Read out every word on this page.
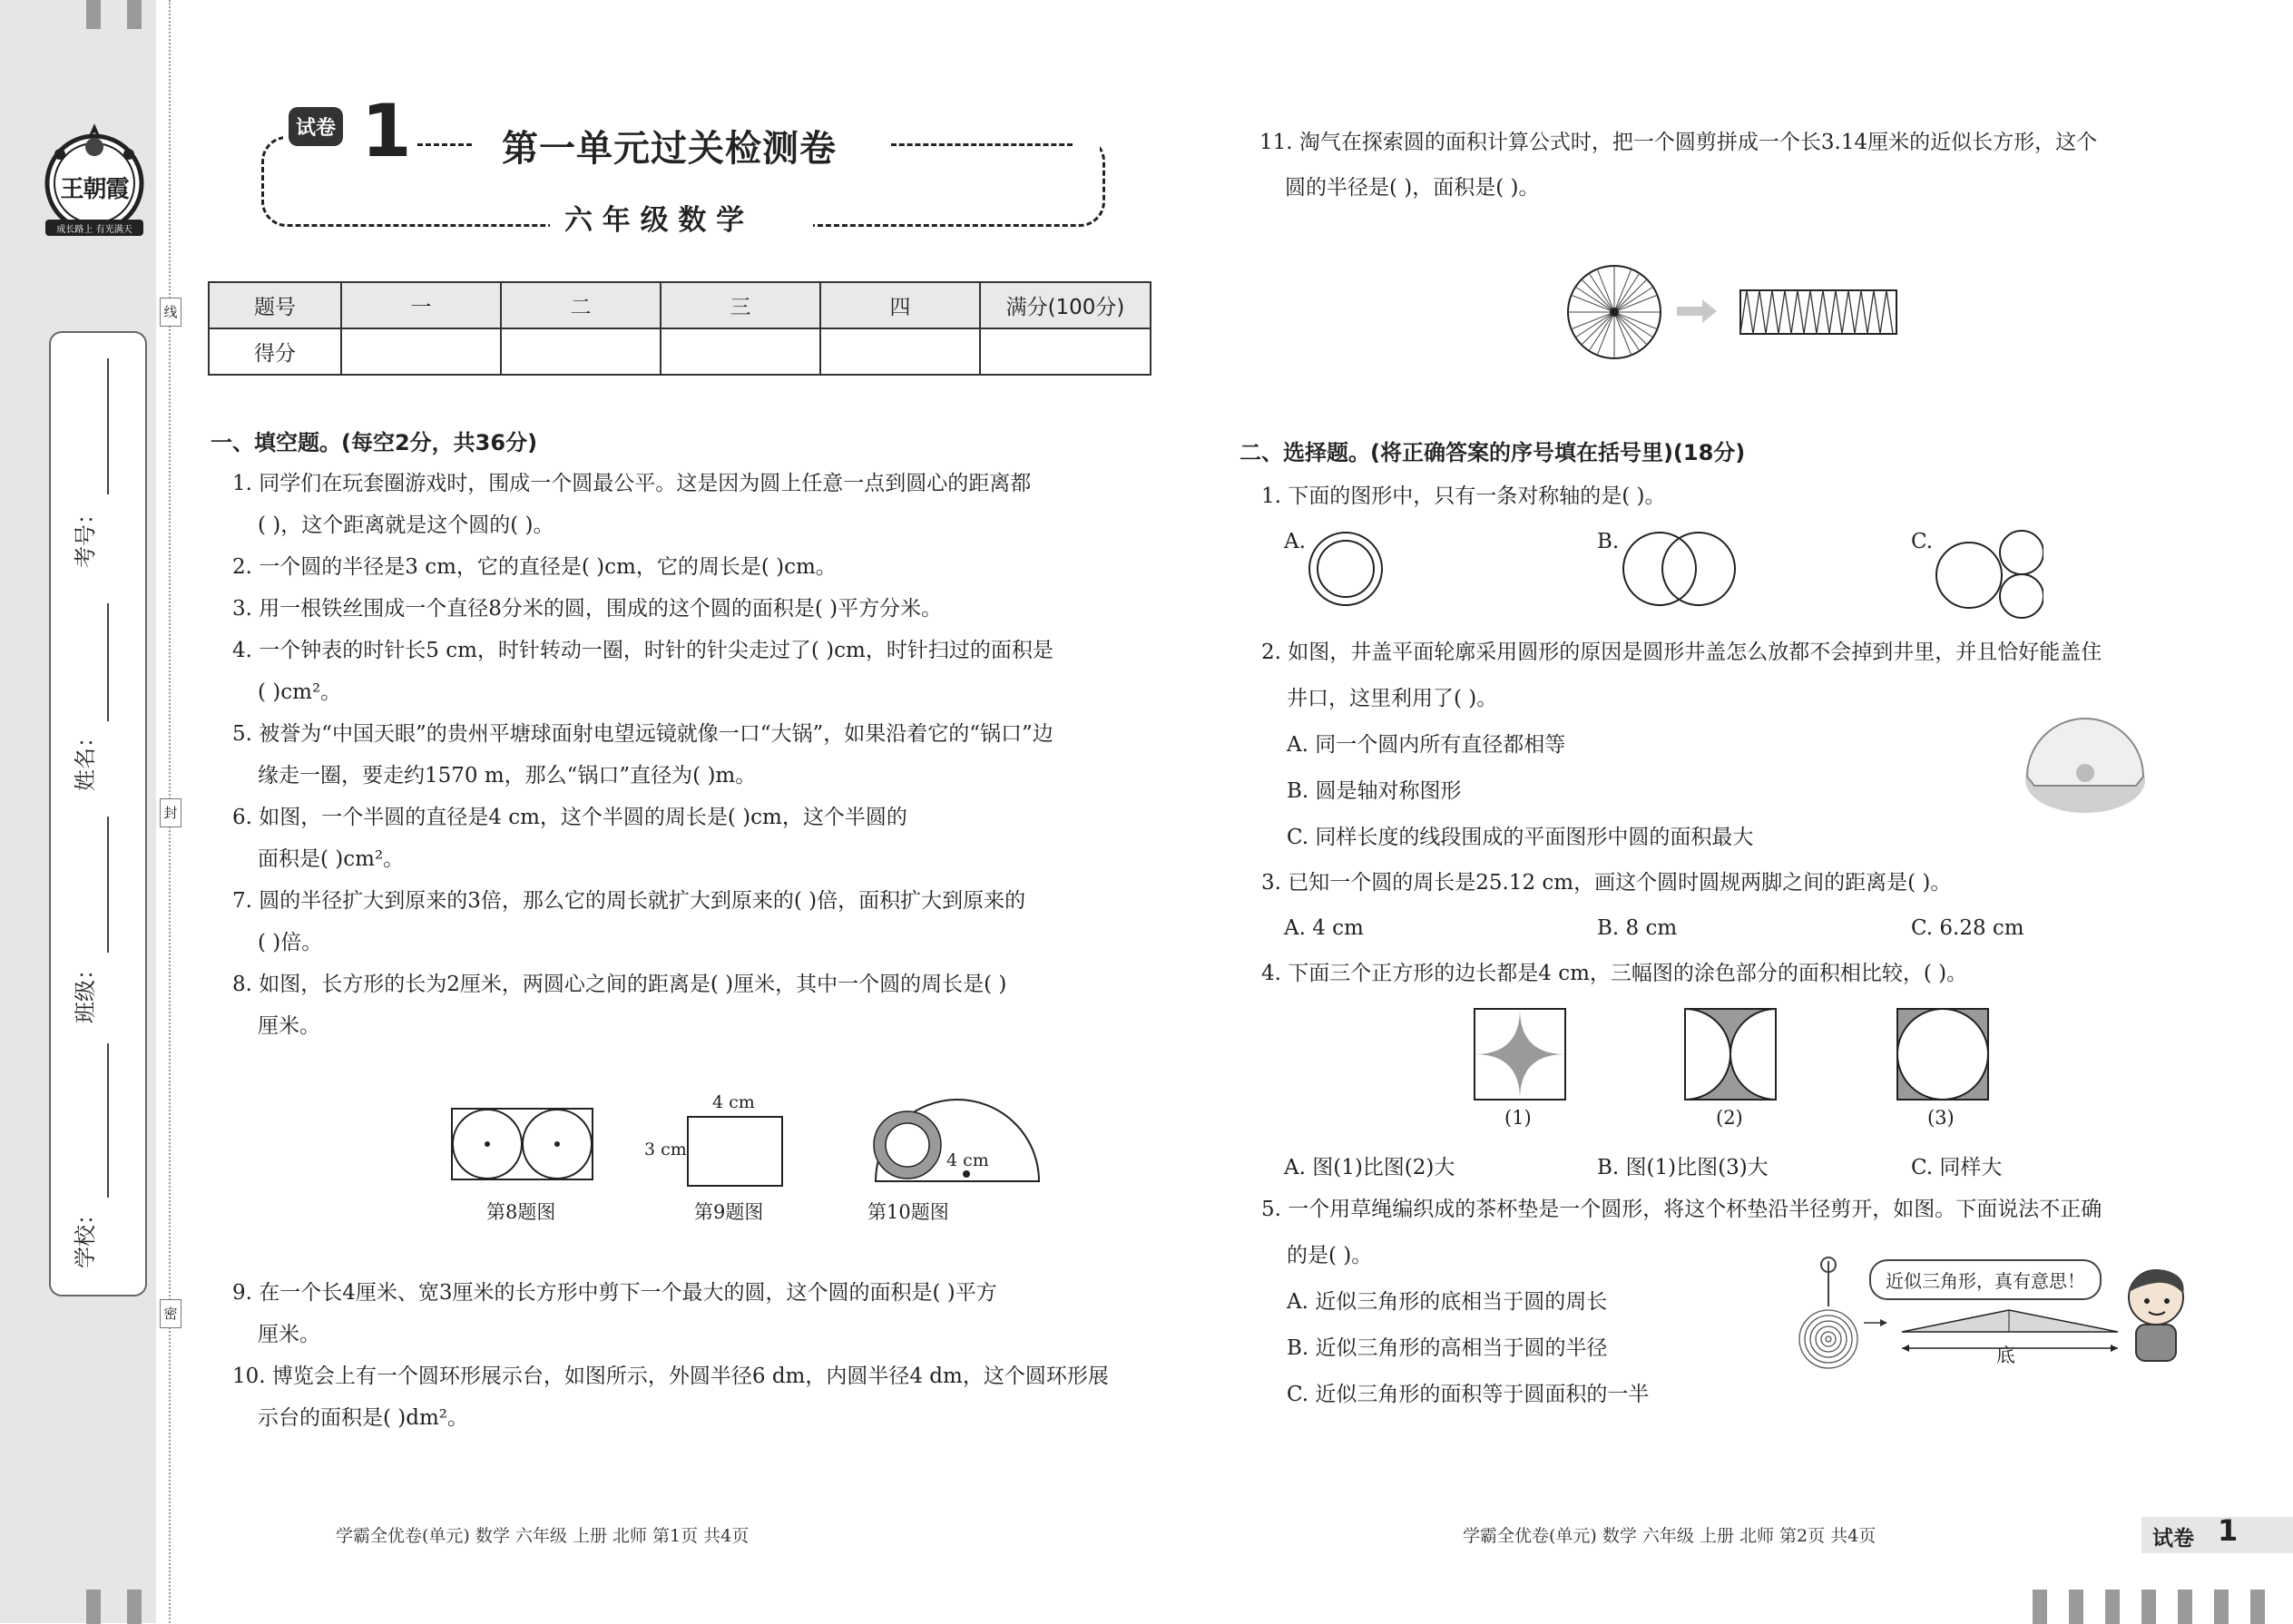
王朝霞
成长路上 有光满天
考号：
姓名：
班级：
学校：
线
封
密
试卷 1 第一单元过关检测卷
六 年 级 数 学
题号	一	二	三	四	满分(100分)
得分					
一、填空题。(每空2分，共36分)
1. 同学们在玩套圈游戏时，围成一个圆最公平。这是因为圆上任意一点到圆心的距离都
( )，这个距离就是这个圆的( )。
2. 一个圆的半径是3 cm，它的直径是( )cm，它的周长是( )cm。
3. 用一根铁丝围成一个直径8分米的圆，围成的这个圆的面积是( )平方分米。
4. 一个钟表的时针长5 cm，时针转动一圈，时针的针尖走过了( )cm，时针扫过的面积是
( )cm²。
5. 被誉为“中国天眼”的贵州平塘球面射电望远镜就像一口“大锅”，如果沿着它的“锅口”边
缘走一圈，要走约1570 m，那么“锅口”直径为( )m。
6. 如图，一个半圆的直径是4 cm，这个半圆的周长是( )cm，这个半圆的
面积是( )cm²。
7. 圆的半径扩大到原来的3倍，那么它的周长就扩大到原来的( )倍，面积扩大到原来的
( )倍。
8. 如图，长方形的长为2厘米，两圆心之间的距离是( )厘米，其中一个圆的周长是( )
厘米。
第8题图
4 cm
3 cm
第9题图
4 cm
第10题图
9. 在一个长4厘米、宽3厘米的长方形中剪下一个最大的圆，这个圆的面积是( )平方
厘米。
10. 博览会上有一个圆环形展示台，如图所示，外圆半径6 dm，内圆半径4 dm，这个圆环形展
示台的面积是( )dm²。
学霸全优卷(单元) 数学 六年级 上册 北师 第1页 共4页
11. 淘气在探索圆的面积计算公式时，把一个圆剪拼成一个长3.14厘米的近似长方形，这个
圆的半径是( )，面积是( )。
二、选择题。(将正确答案的序号填在括号里)(18分)
1. 下面的图形中，只有一条对称轴的是( )。
A.	B.	C.
2. 如图，井盖平面轮廓采用圆形的原因是圆形井盖怎么放都不会掉到井里，并且恰好能盖住
井口，这里利用了( )。
A. 同一个圆内所有直径都相等
B. 圆是轴对称图形
C. 同样长度的线段围成的平面图形中圆的面积最大
3. 已知一个圆的周长是25.12 cm，画这个圆时圆规两脚之间的距离是( )。
A. 4 cm	B. 8 cm	C. 6.28 cm
4. 下面三个正方形的边长都是4 cm，三幅图的涂色部分的面积相比较，( )。
(1)	(2)	(3)
A. 图(1)比图(2)大	B. 图(1)比图(3)大	C. 同样大
5. 一个用草绳编织成的茶杯垫是一个圆形，将这个杯垫沿半径剪开，如图。下面说法不正确
的是( )。
A. 近似三角形的底相当于圆的周长
B. 近似三角形的高相当于圆的半径
C. 近似三角形的面积等于圆面积的一半
底
近似三角形，真有意思！
学霸全优卷(单元) 数学 六年级 上册 北师 第2页 共4页	试卷 1
